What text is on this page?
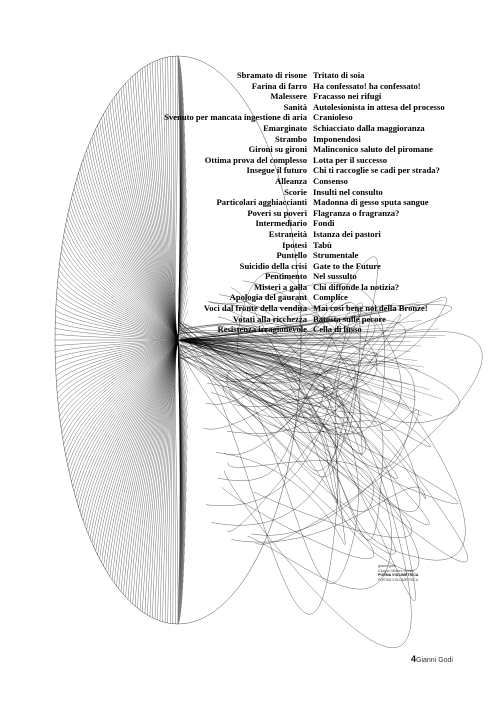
Sbramato di risone
Farina di farro
Malessere
Sanità
Svenuto per mancata ingestione di aria
Emarginato
Strambo
Gironi su gironi
Ottima prova del complesso
Insegue il futuro
Alleanza
Scorie
Particolari agghiaccianti
Poveri su poveri
Intermediario
Estraneità
Ipotesi
Puntello
Suicidio della crisi
Pentimento
Misteri a galla
Apologia del gaurant
Voci dal fronte della vendita
Votati alla ricchezza
Resistenza irragionevole
Tritato di soia
Ha confessato! ha confessato!
Fracasso nei rifugi
Autolesionista in attesa del processo
Cranioleso
Schiacciato dalla maggioranza
Imponendosi
Malinconico saluto del piromane
Lotta per il successo
Chi ti raccoglie se cadi per strada?
Consenso
Insulti nel consulto
Madonna di gesso sputa sangue
Flagranza o fragranza?
Fondi
Istanza dei pastori
Tabù
Strumentale
Gate to the Future
Nel sussulto
Chi diffonde la notizia?
Complice
Mai così bene noi della Bronze!
Batosta sulle pecore
Cella di lusso
gianni godi
Giugno Ottobre mobile
POEMA VOLUMETRICA
POESIA VOLUMETRICA
4Gianni Godi
